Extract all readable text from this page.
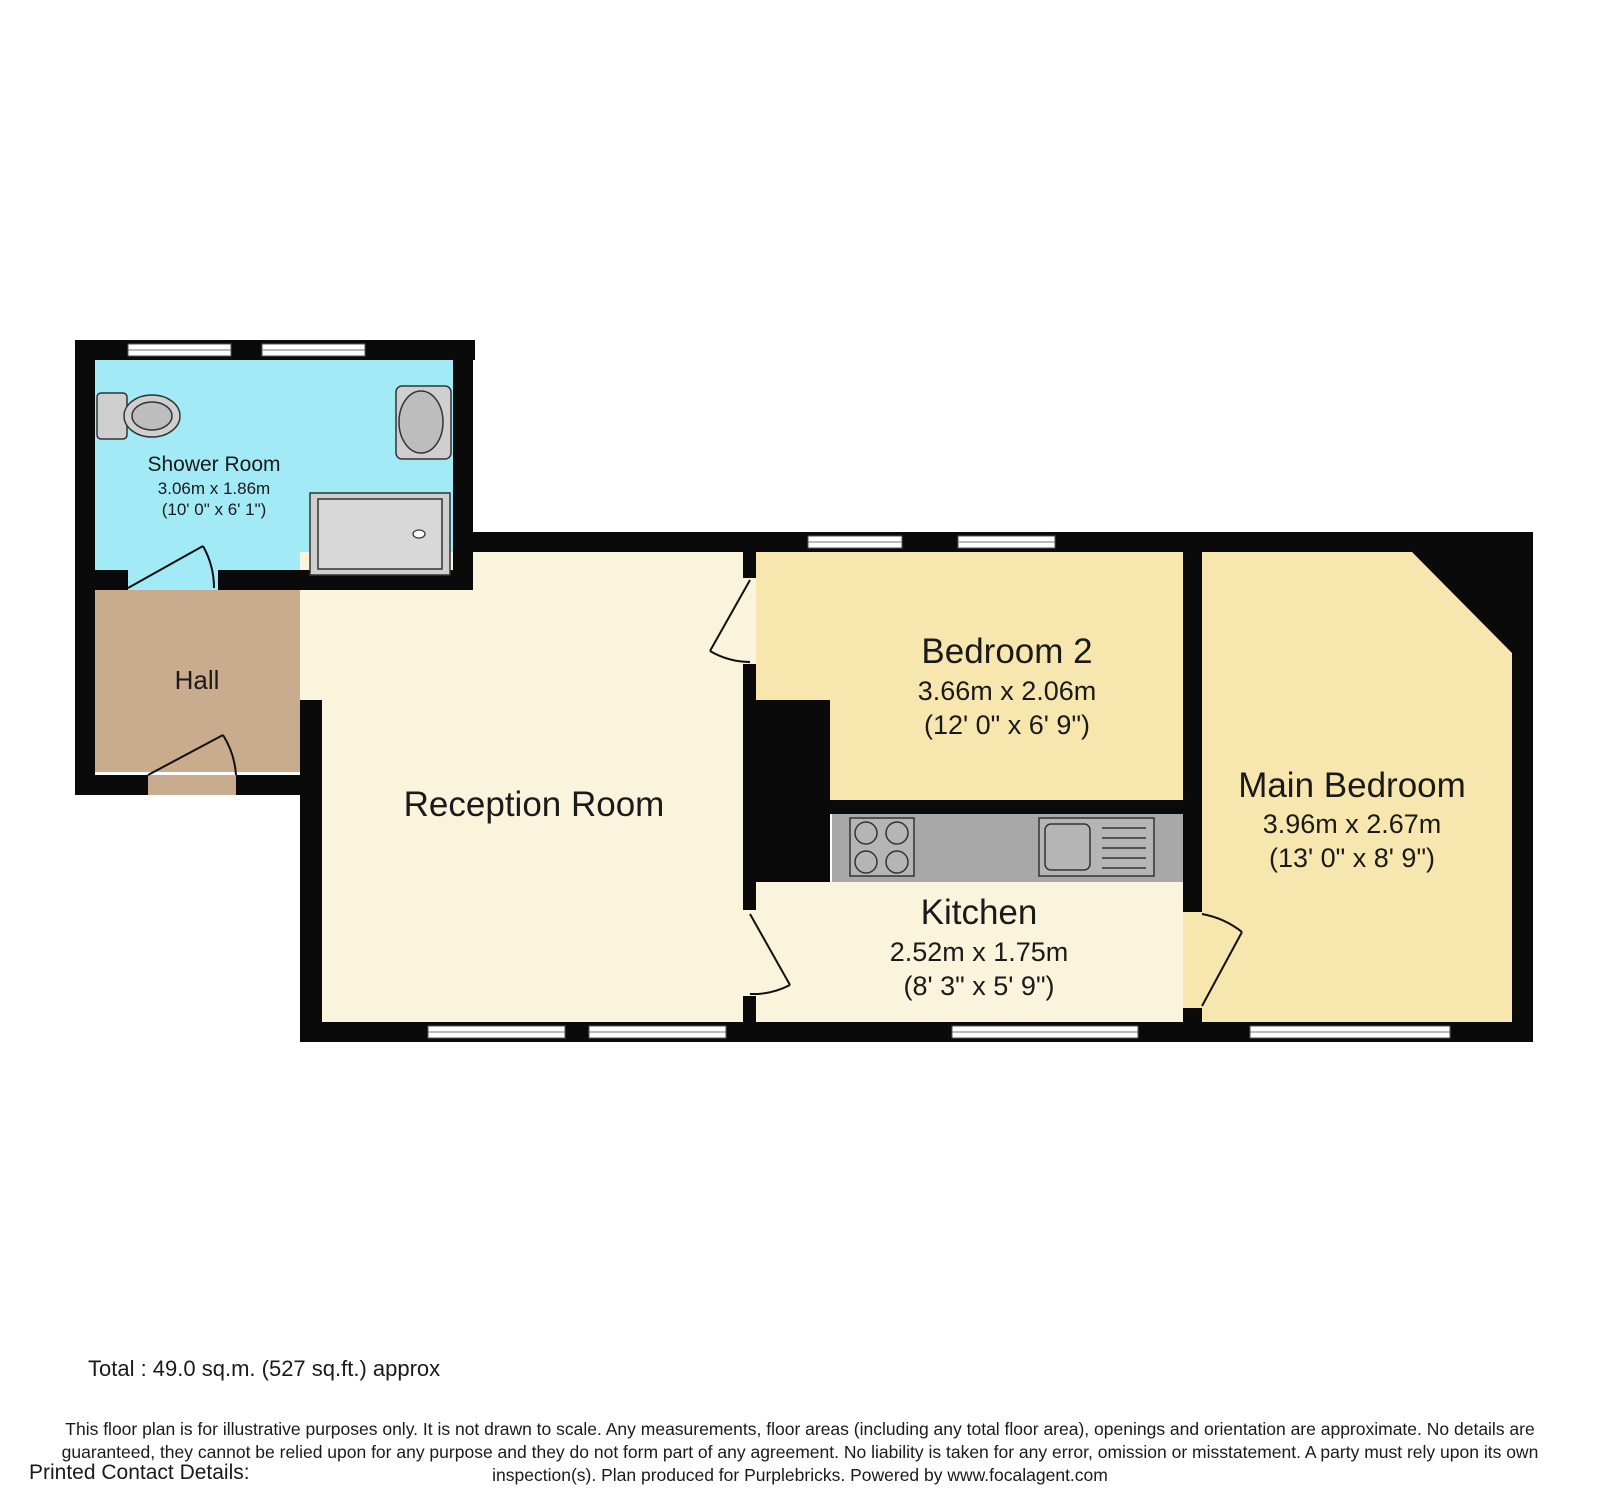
Shower Room
3.06m x 1.86m
(10' 0" x 6' 1")
Hall
Reception Room
Bedroom 2
3.66m x 2.06m
(12' 0" x 6' 9")
Kitchen
2.52m x 1.75m
(8' 3" x 5' 9")
Main Bedroom
3.96m x 2.67m
(13' 0" x 8' 9")
Total : 49.0 sq.m. (527 sq.ft.) approx
This floor plan is for illustrative purposes only. It is not drawn to scale. Any measurements, floor areas (including any total floor area), openings and orientation are approximate. No details are guaranteed, they cannot be relied upon for any purpose and they do not form part of any agreement. No liability is taken for any error, omission or misstatement. A party must rely upon its own inspection(s). Plan produced for Purplebricks. Powered by www.focalagent.com
Printed Contact Details:
